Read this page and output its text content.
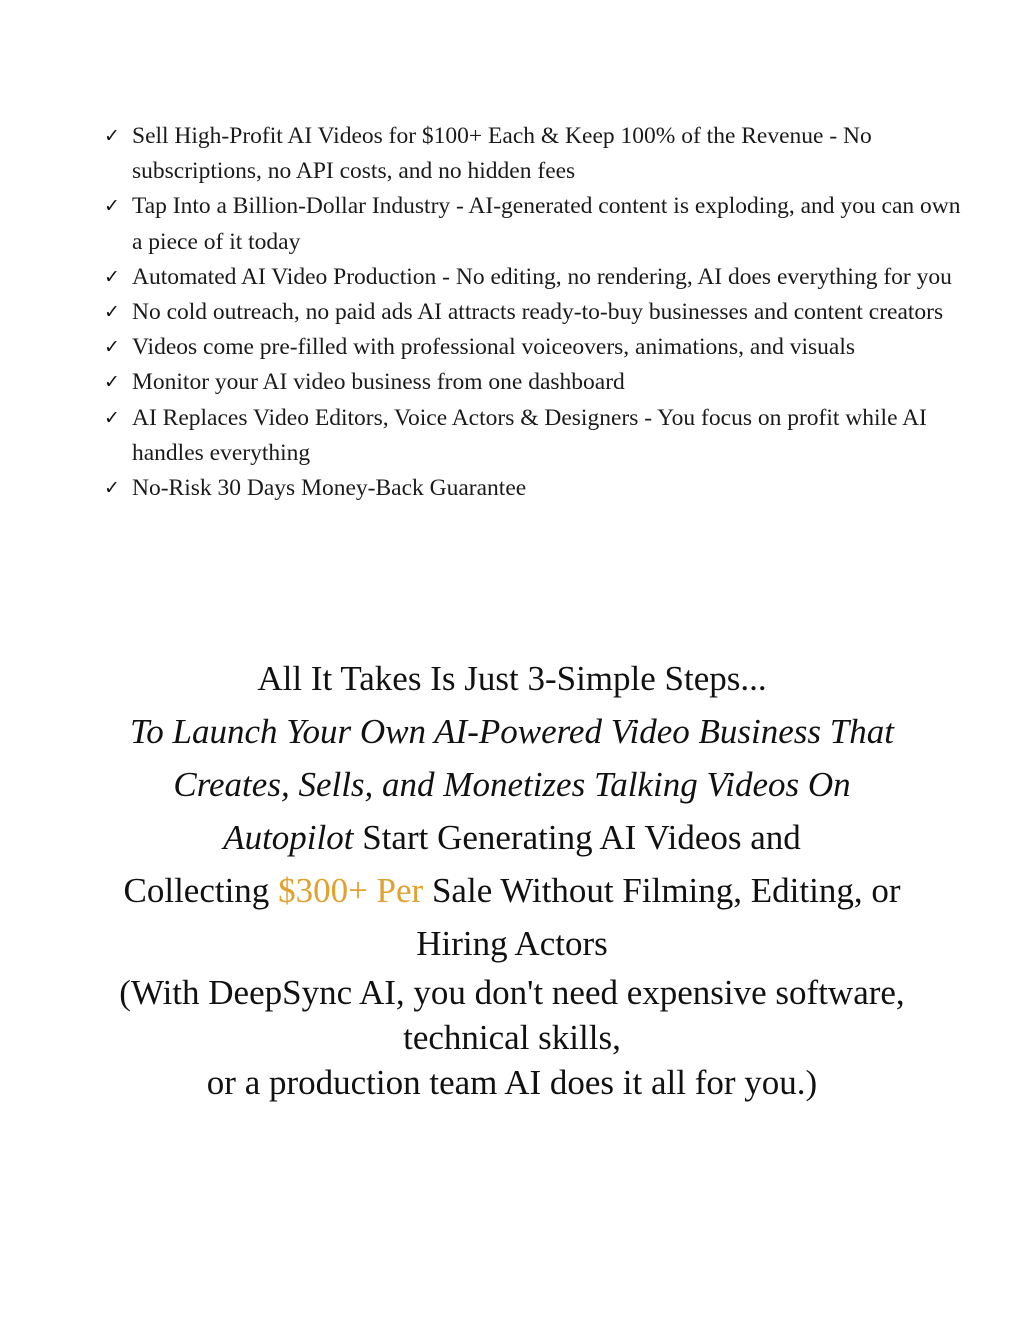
✓ Sell High-Profit AI Videos for $100+ Each & Keep 100% of the Revenue - No subscriptions, no API costs, and no hidden fees
✓ Tap Into a Billion-Dollar Industry - AI-generated content is exploding, and you can own a piece of it today
✓ Automated AI Video Production - No editing, no rendering, AI does everything for you
✓ No cold outreach, no paid ads AI attracts ready-to-buy businesses and content creators
✓ Videos come pre-filled with professional voiceovers, animations, and visuals
✓ Monitor your AI video business from one dashboard
✓ AI Replaces Video Editors, Voice Actors & Designers - You focus on profit while AI handles everything
✓ No-Risk 30 Days Money-Back Guarantee
All It Takes Is Just 3-Simple Steps...
To Launch Your Own AI-Powered Video Business That
Creates, Sells, and Monetizes Talking Videos On
Autopilot Start Generating AI Videos and
Collecting $300+ Per Sale Without Filming, Editing, or
Hiring Actors
(With DeepSync AI, you don't need expensive software,
technical skills,
or a production team AI does it all for you.)
